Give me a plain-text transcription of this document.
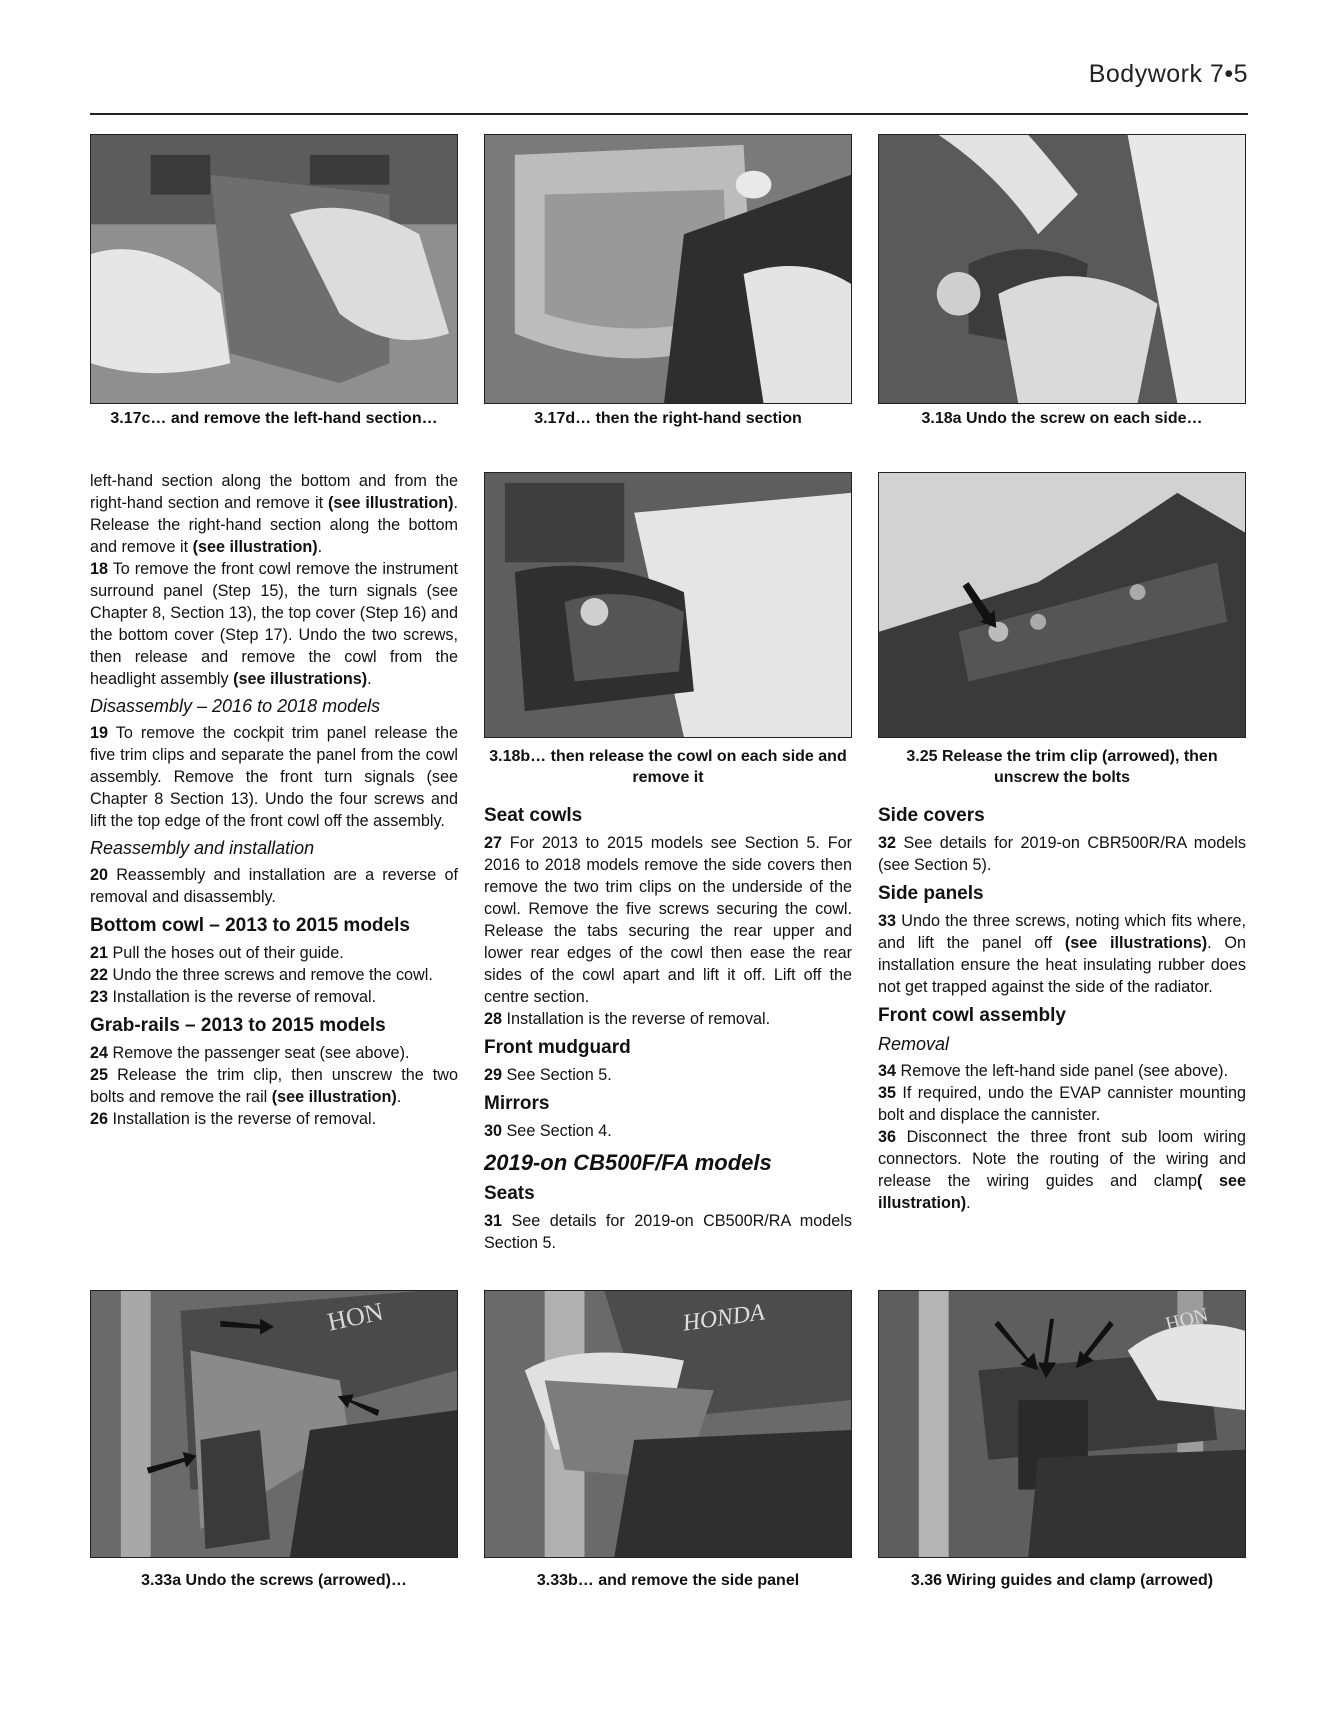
Bodywork 7•5
3.17c… and remove the left-hand section…	3.17d… then the right-hand section	3.18a Undo the screw on each side…
3.18b… then release the cowl on each side and remove it
3.25 Release the trim clip (arrowed), then unscrew the bolts

left-hand section along the bottom and from the right-hand section and remove it (see illustration). Release the right-hand section along the bottom and remove it (see illustration).

18 To remove the front cowl remove the instrument surround panel (Step 15), the turn signals (see Chapter 8, Section 13), the top cover (Step 16) and the bottom cover (Step 17). Undo the two screws, then release and remove the cowl from the headlight assembly (see illustrations).

Disassembly – 2016 to 2018 models

19 To remove the cockpit trim panel release the five trim clips and separate the panel from the cowl assembly. Remove the front turn signals (see Chapter 8 Section 13). Undo the four screws and lift the top edge of the front cowl off the assembly.

Reassembly and installation

20 Reassembly and installation are a reverse of removal and disassembly.

Bottom cowl – 2013 to 2015 models

21 Pull the hoses out of their guide.

22 Undo the three screws and remove the cowl.

23 Installation is the reverse of removal.

Grab-rails – 2013 to 2015 models

24 Remove the passenger seat (see above).

25 Release the trim clip, then unscrew the two bolts and remove the rail (see illustration).

26 Installation is the reverse of removal.

Seat cowls

27 For 2013 to 2015 models see Section 5. For 2016 to 2018 models remove the side covers then remove the two trim clips on the underside of the cowl. Remove the five screws securing the cowl. Release the tabs securing the rear upper and lower rear edges of the cowl then ease the rear sides of the cowl apart and lift it off. Lift off the centre section.

28 Installation is the reverse of removal.

Front mudguard

29 See Section 5.

Mirrors

30 See Section 4.

2019-on CB500F/FA models
Seats

31 See details for 2019-on CB500R/RA models Section 5.

Side covers

32 See details for 2019-on CBR500R/RA models (see Section 5).

Side panels

33 Undo the three screws, noting which fits where, and lift the panel off (see illustrations). On installation ensure the heat insulating rubber does not get trapped against the side of the radiator.

Front cowl assembly
Removal

34 Remove the left-hand side panel (see above).

35 If required, undo the EVAP cannister mounting bolt and displace the cannister.

36 Disconnect the three front sub loom wiring connectors. Note the routing of the wiring and release the wiring guides and clamp( see illustration).

HON	HONDA	HON
3.33a Undo the screws (arrowed)…	3.33b… and remove the side panel	3.36 Wiring guides and clamp (arrowed)
